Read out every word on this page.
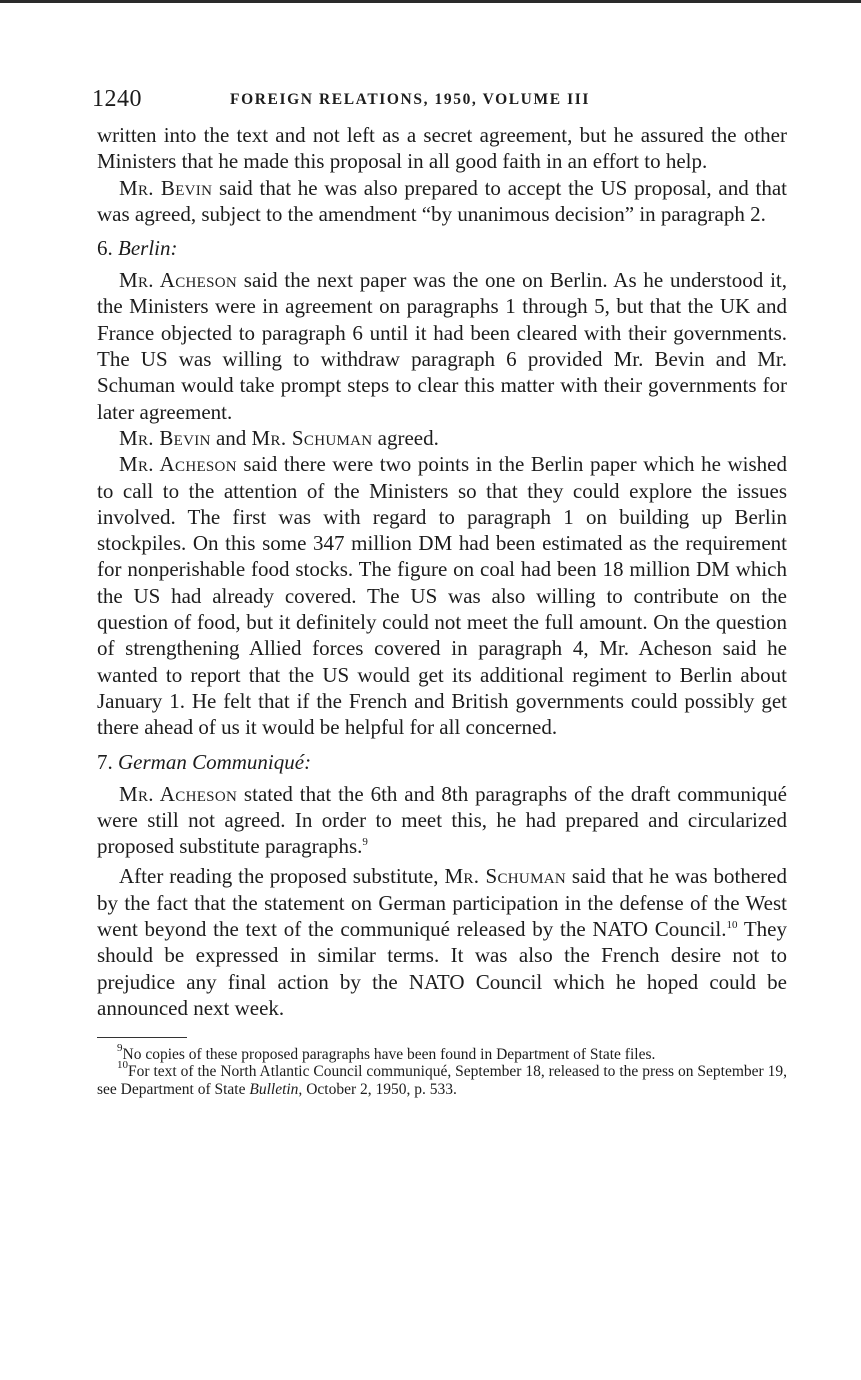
1240	FOREIGN RELATIONS, 1950, VOLUME III

written into the text and not left as a secret agreement, but he assured the other Ministers that he made this proposal in all good faith in an effort to help.

Mr. Bevin said that he was also prepared to accept the US proposal, and that was agreed, subject to the amendment “by unanimous decision” in paragraph 2.

6. Berlin:

Mr. Acheson said the next paper was the one on Berlin. As he understood it, the Ministers were in agreement on paragraphs 1 through 5, but that the UK and France objected to paragraph 6 until it had been cleared with their governments. The US was willing to withdraw paragraph 6 provided Mr. Bevin and Mr. Schuman would take prompt steps to clear this matter with their governments for later agreement.

Mr. Bevin and Mr. Schuman agreed.

Mr. Acheson said there were two points in the Berlin paper which he wished to call to the attention of the Ministers so that they could explore the issues involved. The first was with regard to paragraph 1 on building up Berlin stockpiles. On this some 347 million DM had been estimated as the requirement for nonperishable food stocks. The figure on coal had been 18 million DM which the US had already covered. The US was also willing to contribute on the question of food, but it definitely could not meet the full amount. On the question of strengthening Allied forces covered in paragraph 4, Mr. Acheson said he wanted to report that the US would get its additional regiment to Berlin about January 1. He felt that if the French and British governments could possibly get there ahead of us it would be helpful for all concerned.

7. German Communiqué:

Mr. Acheson stated that the 6th and 8th paragraphs of the draft communiqué were still not agreed. In order to meet this, he had prepared and circularized proposed substitute paragraphs.$^9$

After reading the proposed substitute, Mr. Schuman said that he was bothered by the fact that the statement on German participation in the defense of the West went beyond the text of the communiqué released by the NATO Council.$^{10}$ They should be expressed in similar terms. It was also the French desire not to prejudice any final action by the NATO Council which he hoped could be announced next week.

$^9$No copies of these proposed paragraphs have been found in Department of State files.

$^{10}$For text of the North Atlantic Council communiqué, September 18, released to the press on September 19, see Department of State Bulletin, October 2, 1950, p. 533.
